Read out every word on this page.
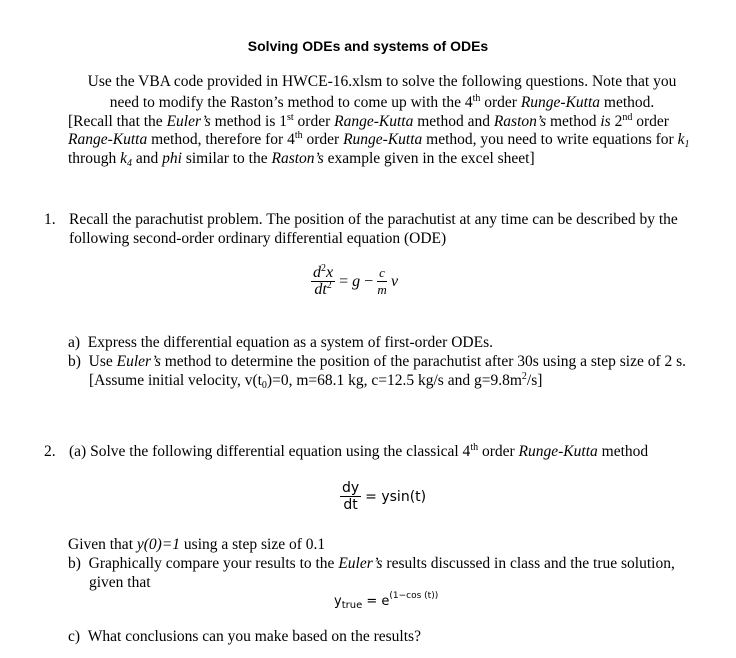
Solving ODEs and systems of ODEs
Use the VBA code provided in HWCE-16.xlsm to solve the following questions. Note that you
need to modify the Raston’s method to come up with the 4th order Runge-Kutta method.
[Recall that the Euler’s method is 1st order Range-Kutta method and Raston’s method is 2nd order
Range-Kutta method, therefore for 4th order Runge-Kutta method, you need to write equations for $k_1$
through $k_4$ and phi similar to the Raston’s example given in the excel sheet]
1. Recall the parachutist problem. The position of the parachutist at any time can be described by the
following second-order ordinary differential equation (ODE)
$\frac{d^2x}{dt^2} = g - \frac{c}{m}$ v
a) Express the differential equation as a system of first-order ODEs.
b) Use Euler’s method to determine the position of the parachutist after 30s using a step size of 2 s.
[Assume initial velocity, $v(t_0)=0$, m=68.1 kg, c=12.5 kg/s and $g=9.8m^2/s$]
2. (a) Solve the following differential equation using the classical 4th order Runge-Kutta method
$\frac{dy}{dt} = ysin(t)$
Given that y(0)=1 using a step size of 0.1
b) Graphically compare your results to the Euler’s results discussed in class and the true solution,
given that
$y_{true} = e^{(1-cos (t))}$
c) What conclusions can you make based on the results?
